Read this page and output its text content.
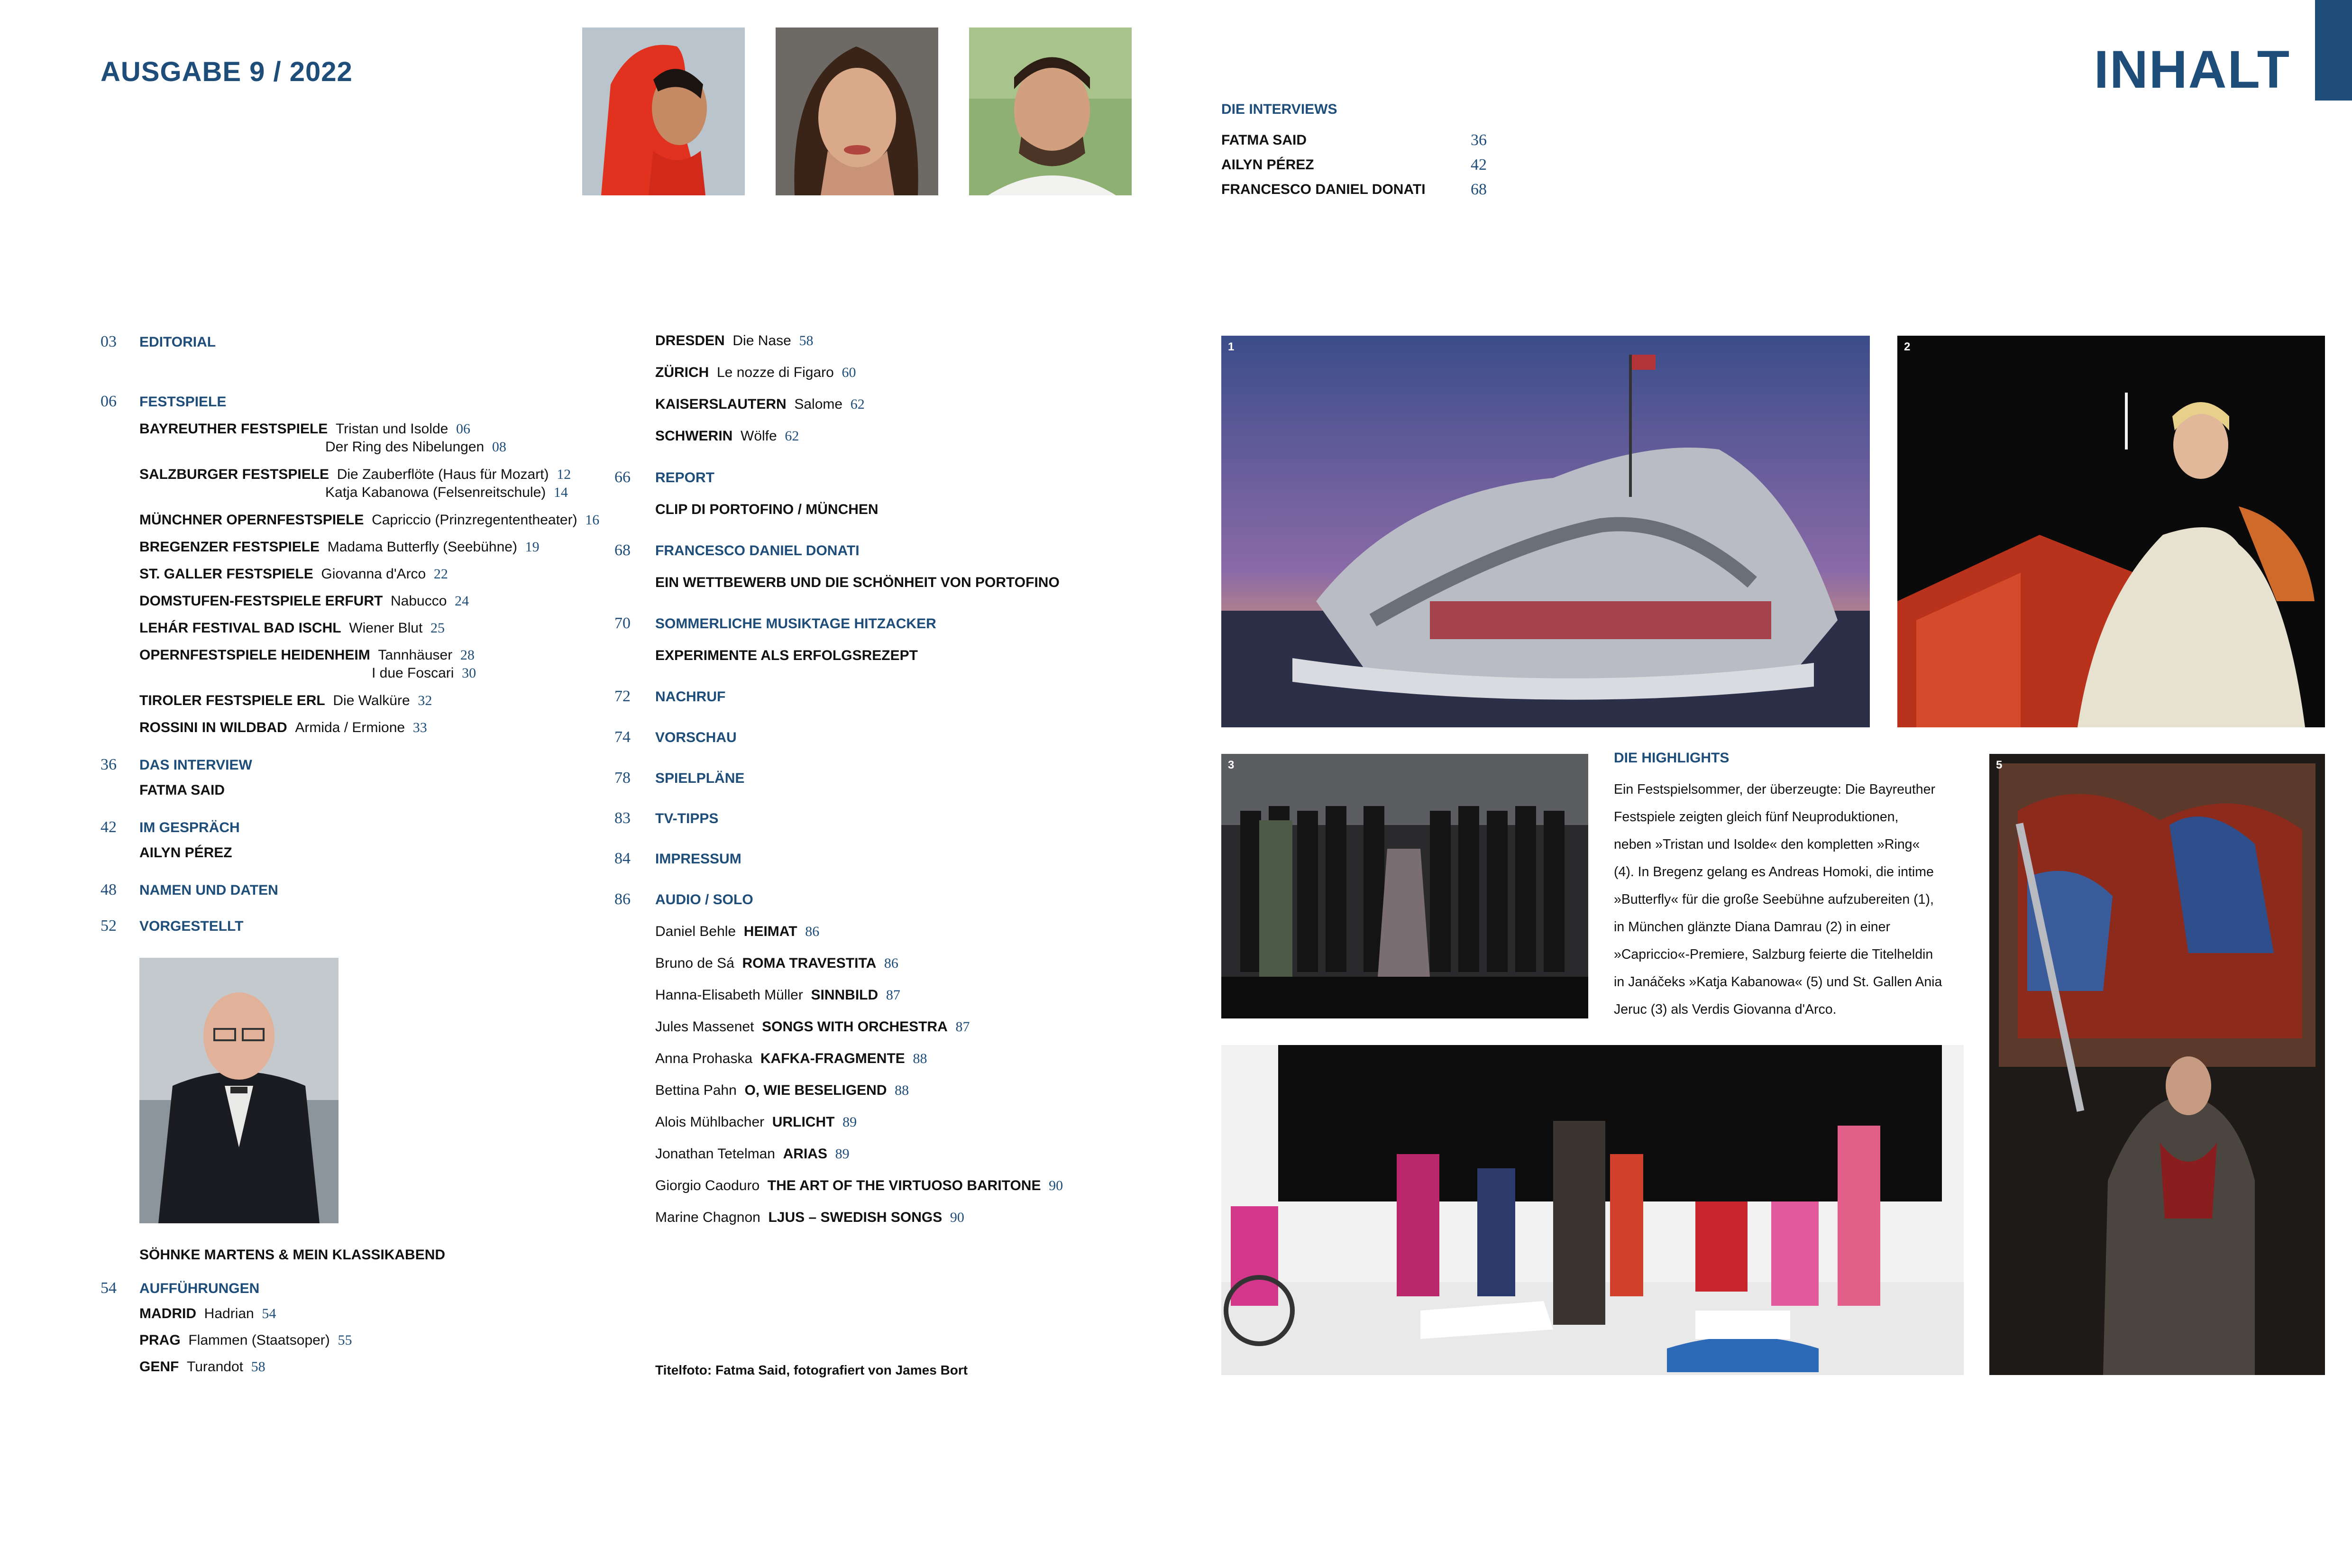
AUSGABE 9 / 2022	INHALT
DIE INTERVIEWS
FATMA SAID	36
AILYN PÉREZ	42
FRANCESCO DANIEL DONATI	68
03	EDITORIAL
06	FESTSPIELE
BAYREUTHER FESTSPIELE Tristan und Isolde 06
Der Ring des Nibelungen 08
SALZBURGER FESTSPIELE Die Zauberflöte (Haus für Mozart) 12
Katja Kabanowa (Felsenreitschule) 14
MÜNCHNER OPERNFESTSPIELE Capriccio (Prinzregententheater) 16
BREGENZER FESTSPIELE Madama Butterfly (Seebühne) 19
ST. GALLER FESTSPIELE Giovanna d'Arco 22
DOMSTUFEN-FESTSPIELE ERFURT Nabucco 24
LEHÁR FESTIVAL BAD ISCHL Wiener Blut 25
OPERNFESTSPIELE HEIDENHEIM Tannhäuser 28
I due Foscari 30
TIROLER FESTSPIELE ERL Die Walküre 32
ROSSINI IN WILDBAD Armida / Ermione 33
36	DAS INTERVIEW
FATMA SAID
42	IM GESPRÄCH
AILYN PÉREZ
48	NAMEN UND DATEN
52	VORGESTELLT
SÖHNKE MARTENS & MEIN KLASSIKABEND
54	AUFFÜHRUNGEN
MADRID Hadrian 54
PRAG Flammen (Staatsoper) 55
GENF Turandot 58
DRESDEN Die Nase 58
ZÜRICH Le nozze di Figaro 60
KAISERSLAUTERN Salome 62
SCHWERIN Wölfe 62
66	REPORT
CLIP DI PORTOFINO / MÜNCHEN
68	FRANCESCO DANIEL DONATI
EIN WETTBEWERB UND DIE SCHÖNHEIT VON PORTOFINO
70	SOMMERLICHE MUSIKTAGE HITZACKER
EXPERIMENTE ALS ERFOLGSREZEPT
72	NACHRUF
74	VORSCHAU
78	SPIELPLÄNE
83	TV-TIPPS
84	IMPRESSUM
86	AUDIO / SOLO
Daniel Behle HEIMAT 86
Bruno de Sá ROMA TRAVESTITA 86
Hanna-Elisabeth Müller SINNBILD 87
Jules Massenet SONGS WITH ORCHESTRA 87
Anna Prohaska KAFKA-FRAGMENTE 88
Bettina Pahn O, WIE BESELIGEND 88
Alois Mühlbacher URLICHT 89
Jonathan Tetelman ARIAS 89
Giorgio Caoduro THE ART OF THE VIRTUOSO BARITONE 90
Marine Chagnon LJUS – SWEDISH SONGS 90
Titelfoto: Fatma Said, fotografiert von James Bort
1	2
3	DIE HIGHLIGHTS
Ein Festspielsommer, der überzeugte: Die Bayreuther
Festspiele zeigten gleich fünf Neuproduktionen,
neben »Tristan und Isolde« den kompletten »Ring«
(4). In Bregenz gelang es Andreas Homoki, die intime
»Butterfly« für die große Seebühne aufzubereiten (1),
in München glänzte Diana Damrau (2) in einer
»Capriccio«-Premiere, Salzburg feierte die Titelheldin
in Janáčeks »Katja Kabanowa« (5) und St. Gallen Ania
Jeruc (3) als Verdis Giovanna d'Arco.
5
